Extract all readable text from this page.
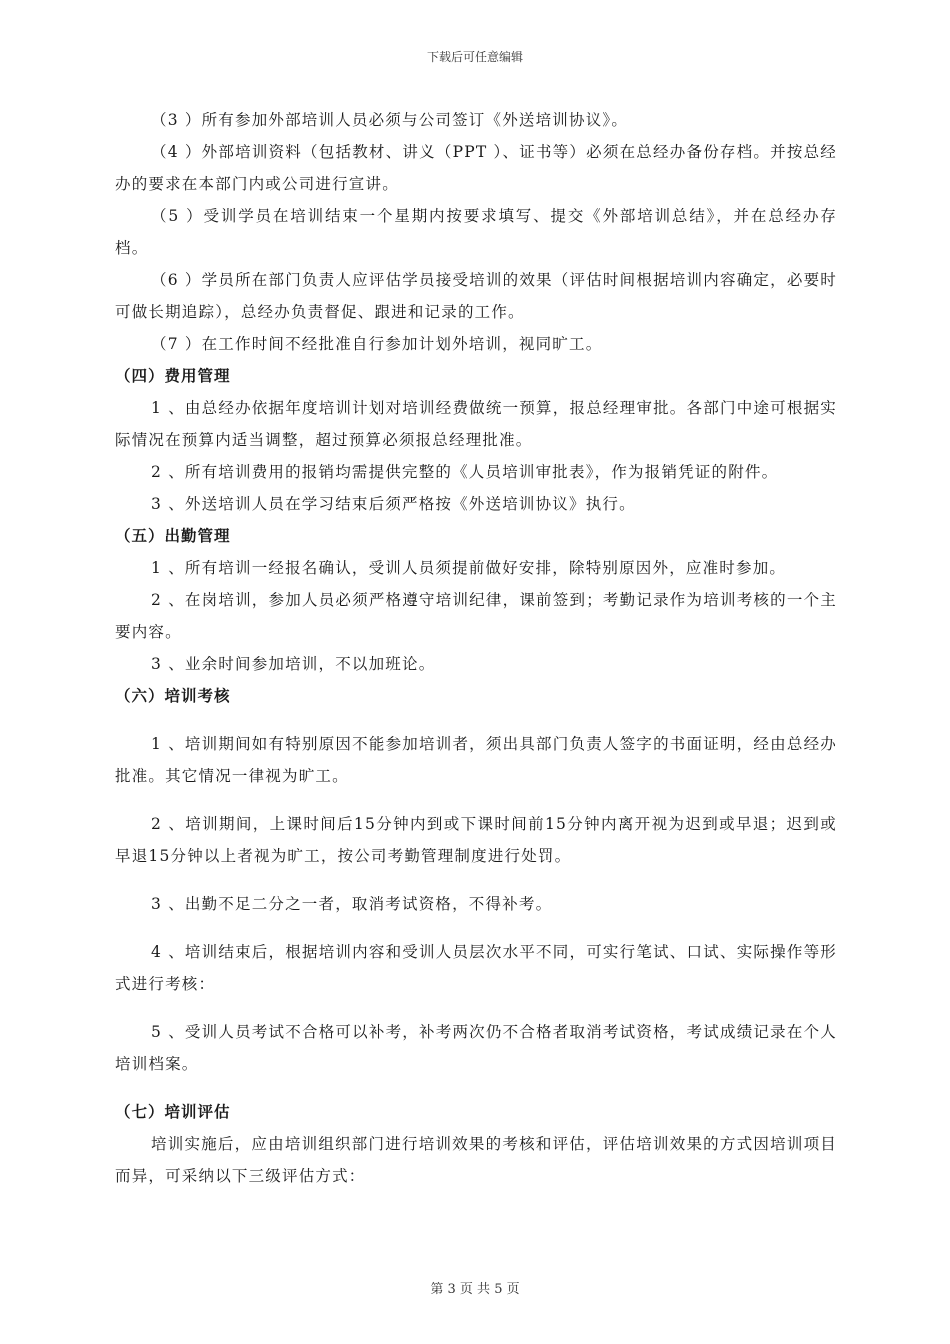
下载后可任意编辑

（3 ）所有参加外部培训人员必须与公司签订《外送培训协议》。

（4 ）外部培训资料（包括教材、讲义（PPT ）、证书等）必须在总经办备份存档。并按总经办的要求在本部门内或公司进行宣讲。

（5 ）受训学员在培训结束一个星期内按要求填写、提交《外部培训总结》，并在总经办存档。

（6 ）学员所在部门负责人应评估学员接受培训的效果（评估时间根据培训内容确定，必要时可做长期追踪），总经办负责督促、跟进和记录的工作。

（7 ）在工作时间不经批准自行参加计划外培训，视同旷工。

（四）费用管理

1 、由总经办依据年度培训计划对培训经费做统一预算，报总经理审批。各部门中途可根据实际情况在预算内适当调整，超过预算必须报总经理批准。

2 、所有培训费用的报销均需提供完整的《人员培训审批表》，作为报销凭证的附件。

3 、外送培训人员在学习结束后须严格按《外送培训协议》执行。

（五）出勤管理

1 、所有培训一经报名确认，受训人员须提前做好安排，除特别原因外，应准时参加。

2 、在岗培训，参加人员必须严格遵守培训纪律，课前签到；考勤记录作为培训考核的一个主要内容。

3 、业余时间参加培训，不以加班论。

（六）培训考核

1 、培训期间如有特别原因不能参加培训者，须出具部门负责人签字的书面证明，经由总经办批准。其它情况一律视为旷工。

2 、培训期间，上课时间后15分钟内到或下课时间前15分钟内离开视为迟到或早退；迟到或早退15分钟以上者视为旷工，按公司考勤管理制度进行处罚。

3 、出勤不足二分之一者，取消考试资格，不得补考。

4 、培训结束后，根据培训内容和受训人员层次水平不同，可实行笔试、口试、实际操作等形式进行考核：

5 、受训人员考试不合格可以补考，补考两次仍不合格者取消考试资格，考试成绩记录在个人培训档案。

（七）培训评估

培训实施后，应由培训组织部门进行培训效果的考核和评估，评估培训效果的方式因培训项目而异，可采纳以下三级评估方式：

第 3 页 共 5 页
